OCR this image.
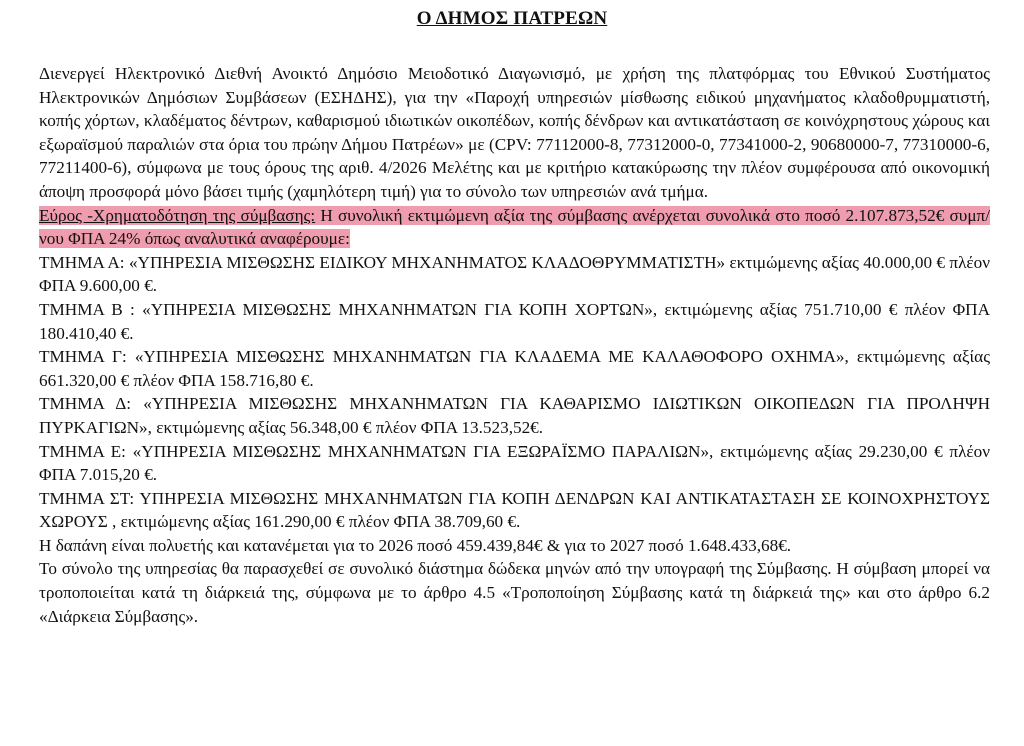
Ο ΔΗΜΟΣ ΠΑΤΡΕΩΝ

Διενεργεί Ηλεκτρονικό Διεθνή Ανοικτό Δημόσιο Μειοδοτικό Διαγωνισμό, με χρήση της πλατφόρμας του Εθνικού Συστήματος Ηλεκτρονικών Δημόσιων Συμβάσεων (ΕΣΗΔΗΣ), για την «Παροχή υπηρεσιών μίσθωσης ειδικού μηχανήματος κλαδοθρυμματιστή, κοπής χόρτων, κλαδέματος δέντρων, καθαρισμού ιδιωτικών οικοπέδων, κοπής δένδρων και αντικατάσταση σε κοινόχρηστους χώρους και εξωραϊσμού παραλιών στα όρια του πρώην Δήμου Πατρέων» με (CPV: 77112000-8, 77312000-0, 77341000-2, 90680000-7, 77310000-6, 77211400-6), σύμφωνα με τους όρους της αριθ. 4/2026 Μελέτης και με κριτήριο κατακύρωσης την πλέον συμφέρουσα από οικονομική άποψη προσφορά μόνο βάσει τιμής (χαμηλότερη τιμή) για το σύνολο των υπηρεσιών ανά τμήμα.

Εύρος -Χρηματοδότηση της σύμβασης: Η συνολική εκτιμώμενη αξία της σύμβασης ανέρχεται συνολικά στο ποσό 2.107.873,52€ συμπ/νου ΦΠΑ 24% όπως αναλυτικά αναφέρουμε:

ΤΜΗΜΑ Α: «ΥΠΗΡΕΣΙΑ ΜΙΣΘΩΣΗΣ ΕΙΔΙΚΟΥ ΜΗΧΑΝΗΜΑΤΟΣ ΚΛΑΔΟΘΡΥΜΜΑΤΙΣΤΗ» εκτιμώμενης αξίας 40.000,00 € πλέον ΦΠΑ 9.600,00 €.

ΤΜΗΜΑ Β : «ΥΠΗΡΕΣΙΑ ΜΙΣΘΩΣΗΣ ΜΗΧΑΝΗΜΑΤΩΝ ΓΙΑ ΚΟΠΗ ΧΟΡΤΩΝ», εκτιμώμενης αξίας 751.710,00 € πλέον ΦΠΑ 180.410,40 €.

ΤΜΗΜΑ Γ: «ΥΠΗΡΕΣΙΑ ΜΙΣΘΩΣΗΣ ΜΗΧΑΝΗΜΑΤΩΝ ΓΙΑ ΚΛΑΔΕΜΑ ΜΕ ΚΑΛΑΘΟΦΟΡΟ ΟΧΗΜΑ», εκτιμώμενης αξίας 661.320,00 € πλέον ΦΠΑ 158.716,80 €.

ΤΜΗΜΑ Δ: «ΥΠΗΡΕΣΙΑ ΜΙΣΘΩΣΗΣ ΜΗΧΑΝΗΜΑΤΩΝ ΓΙΑ ΚΑΘΑΡΙΣΜΟ ΙΔΙΩΤΙΚΩΝ ΟΙΚΟΠΕΔΩΝ ΓΙΑ ΠΡΟΛΗΨΗ ΠΥΡΚΑΓΙΩΝ», εκτιμώμενης αξίας 56.348,00 € πλέον ΦΠΑ 13.523,52€.

ΤΜΗΜΑ Ε: «ΥΠΗΡΕΣΙΑ ΜΙΣΘΩΣΗΣ ΜΗΧΑΝΗΜΑΤΩΝ ΓΙΑ ΕΞΩΡΑΪΣΜΟ ΠΑΡΑΛΙΩΝ», εκτιμώμενης αξίας 29.230,00 € πλέον ΦΠΑ 7.015,20 €.

ΤΜΗΜΑ ΣΤ: ΥΠΗΡΕΣΙΑ ΜΙΣΘΩΣΗΣ ΜΗΧΑΝΗΜΑΤΩΝ ΓΙΑ ΚΟΠΗ ΔΕΝΔΡΩΝ ΚΑΙ ΑΝΤΙΚΑΤΑΣΤΑΣΗ ΣΕ ΚΟΙΝΟΧΡΗΣΤΟΥΣ ΧΩΡΟΥΣ , εκτιμώμενης αξίας 161.290,00 € πλέον ΦΠΑ 38.709,60 €.

Η δαπάνη είναι πολυετής και κατανέμεται για το 2026 ποσό 459.439,84€ & για το 2027 ποσό 1.648.433,68€.

Το σύνολο της υπηρεσίας θα παρασχεθεί σε συνολικό διάστημα δώδεκα μηνών από την υπογραφή της Σύμβασης. Η σύμβαση μπορεί να τροποποιείται κατά τη διάρκειά της, σύμφωνα με το άρθρο 4.5 «Τροποποίηση Σύμβασης κατά τη διάρκειά της» και στο άρθρο 6.2 «Διάρκεια Σύμβασης».
